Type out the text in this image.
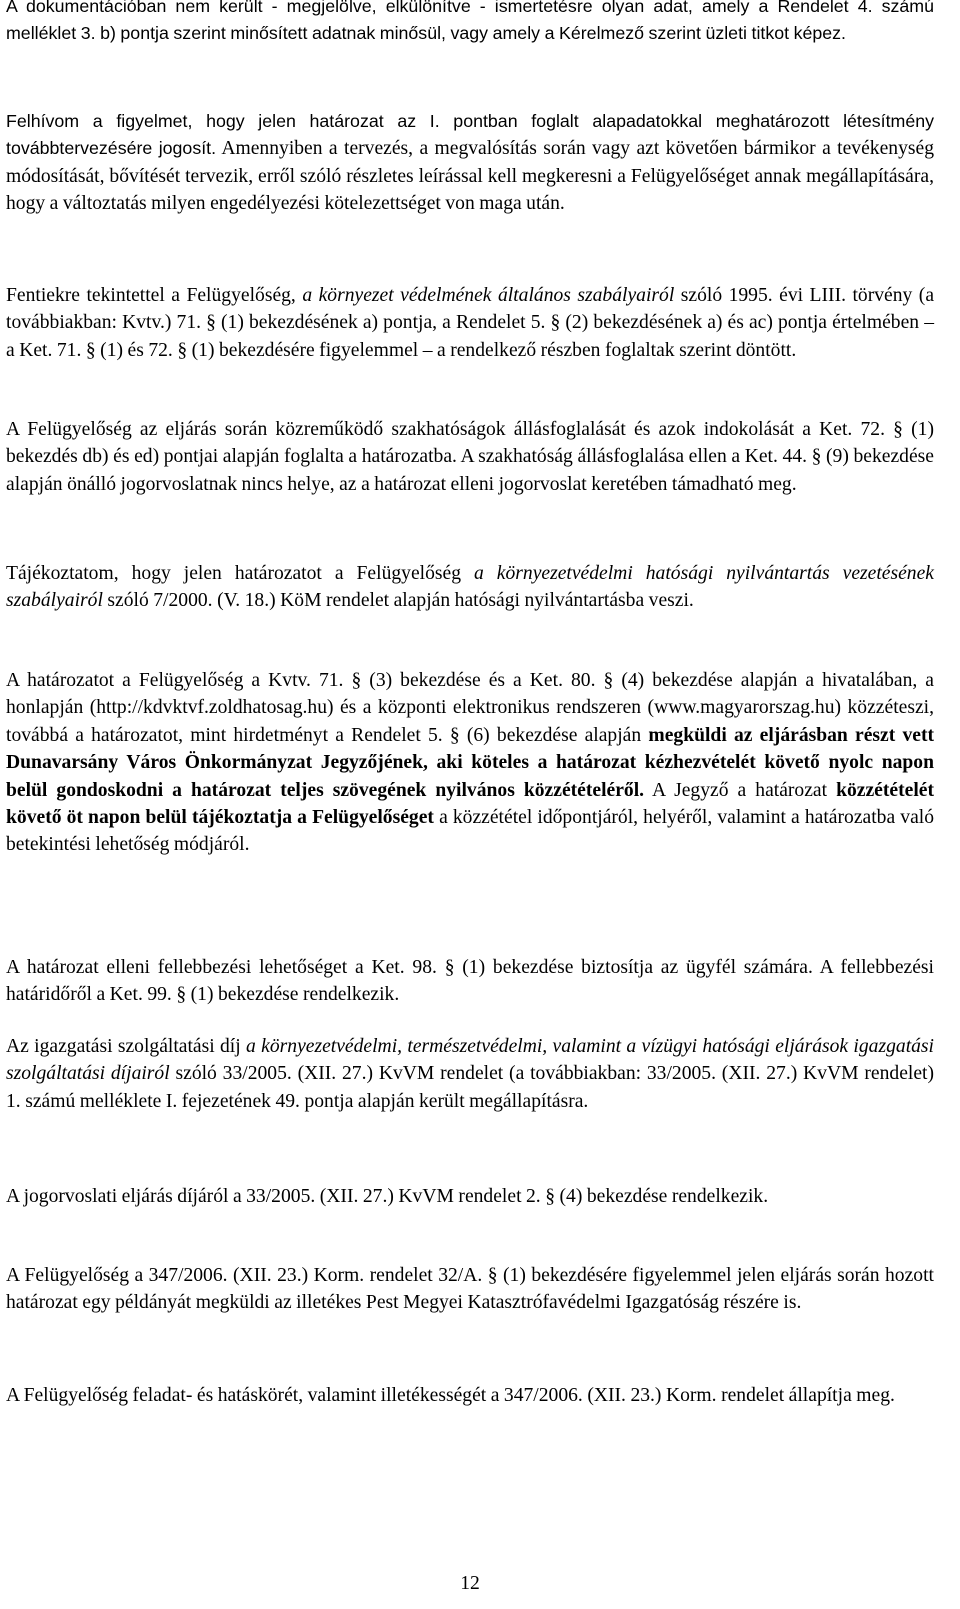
A dokumentációban nem került - megjelölve, elkülönítve - ismertetésre olyan adat, amely a Rendelet 4. számú melléklet 3. b) pontja szerint minősített adatnak minősül, vagy amely a Kérelmező szerint üzleti titkot képez.

Felhívom a figyelmet, hogy jelen határozat az I. pontban foglalt alapadatokkal meghatározott létesítmény továbbtervezésére jogosít. Amennyiben a tervezés, a megvalósítás során vagy azt követően bármikor a tevékenység módosítását, bővítését tervezik, erről szóló részletes leírással kell megkeresni a Felügyelőséget annak megállapítására, hogy a változtatás milyen engedélyezési kötelezettséget von maga után.

Fentiekre tekintettel a Felügyelőség, a környezet védelmének általános szabályairól szóló 1995. évi LIII. törvény (a továbbiakban: Kvtv.) 71. § (1) bekezdésének a) pontja, a Rendelet 5. § (2) bekezdésének a) és ac) pontja értelmében – a Ket. 71. § (1) és 72. § (1) bekezdésére figyelemmel – a rendelkező részben foglaltak szerint döntött.

A Felügyelőség az eljárás során közreműködő szakhatóságok állásfoglalását és azok indokolását a Ket. 72. § (1) bekezdés db) és ed) pontjai alapján foglalta a határozatba. A szakhatóság állásfoglalása ellen a Ket. 44. § (9) bekezdése alapján önálló jogorvoslatnak nincs helye, az a határozat elleni jogorvoslat keretében támadható meg.

Tájékoztatom, hogy jelen határozatot a Felügyelőség a környezetvédelmi hatósági nyilvántartás vezetésének szabályairól szóló 7/2000. (V. 18.) KöM rendelet alapján hatósági nyilvántartásba veszi.

A határozatot a Felügyelőség a Kvtv. 71. § (3) bekezdése és a Ket. 80. § (4) bekezdése alapján a hivatalában, a honlapján (http://kdvktvf.zoldhatosag.hu) és a központi elektronikus rendszeren (www.magyarorszag.hu) közzéteszi, továbbá a határozatot, mint hirdetményt a Rendelet 5. § (6) bekezdése alapján megküldi az eljárásban részt vett Dunavarsány Város Önkormányzat Jegyzőjének, aki köteles a határozat kézhezvételét követő nyolc napon belül gondoskodni a határozat teljes szövegének nyilvános közzétételéről. A Jegyző a határozat közzétételét követő öt napon belül tájékoztatja a Felügyelőséget a közzététel időpontjáról, helyéről, valamint a határozatba való betekintési lehetőség módjáról.

A határozat elleni fellebbezési lehetőséget a Ket. 98. § (1) bekezdése biztosítja az ügyfél számára. A fellebbezési határidőről a Ket. 99. § (1) bekezdése rendelkezik.

Az igazgatási szolgáltatási díj a környezetvédelmi, természetvédelmi, valamint a vízügyi hatósági eljárások igazgatási szolgáltatási díjairól szóló 33/2005. (XII. 27.) KvVM rendelet (a továbbiakban: 33/2005. (XII. 27.) KvVM rendelet) 1. számú melléklete I. fejezetének 49. pontja alapján került megállapításra.

A jogorvoslati eljárás díjáról a 33/2005. (XII. 27.) KvVM rendelet 2. § (4) bekezdése rendelkezik.

A Felügyelőség a 347/2006. (XII. 23.) Korm. rendelet 32/A. § (1) bekezdésére figyelemmel jelen eljárás során hozott határozat egy példányát megküldi az illetékes Pest Megyei Katasztrófavédelmi Igazgatóság részére is.

A Felügyelőség feladat- és hatáskörét, valamint illetékességét a 347/2006. (XII. 23.) Korm. rendelet állapítja meg.

12
